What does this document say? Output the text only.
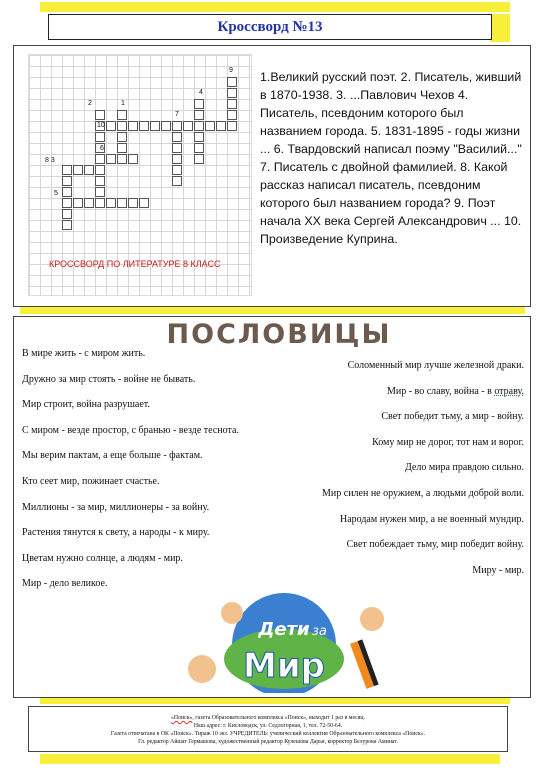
Кроссворд №13
9
2	1
4
7
10
6
8 3
5
КРОССВОРД ПО ЛИТЕРАТУРЕ 8 КЛАСС
1.Великий русский поэт. 2. Писатель, живший в 1870-1938. 3. ...Павлович Чехов 4. Писатель, псевдоним которого был названием города. 5. 1831-1895 - годы жизни ... 6. Твардовский написал поэму "Василий..." 7. Писатель с двойной фамилией. 8. Какой рассказ написал писатель, псевдоним которого был названием города? 9. Поэт начала XX века Сергей Александрович ... 10. Произведение Куприна.
ПОСЛОВИЦЫ
В мире жить - с миром жить.
Дружно за мир стоять - войне не бывать.
Мир строит, война разрушает.
С миром - везде простор, с бранью - везде теснота.
Мы верим пактам, а еще больше - фактам.
Кто сеет мир, пожинает счастье.
Миллионы - за мир, миллионеры - за войну.
Растения тянутся к свету, а народы - к миру.
Цветам нужно солнце, а людям - мир.
Мир - дело великое.
Соломенный мир лучше железной драки.
Мир - во славу, война - в отраву.
Свет победит тьму, а мир - войну.
Кому мир не дорог, тот нам и ворог.
Дело мира правдою сильно.
Мир силен не оружием, а людьми доброй воли.
Народам нужен мир, а не военный мундир.
Свет побеждает тьму, мир победит войну.
Миру - мир.
Дети за
Мир
«Поиск», газета Образовательного комплекса «Поиск», выходит 1 раз в месяц.
Наш адрес: г. Кисловодск, ул. Седлогорная, 1, тел. 72-50-64.
Газета отпечатана в ОК «Поиск». Тираж 10 экз. УЧРЕДИТЕЛЬ: ученический коллектив Образовательного комплекса «Поиск».
Гл. редактор Айшат Гермашова, художественный редактор Кулешова Дарья, корректор Белурова Аминат.
